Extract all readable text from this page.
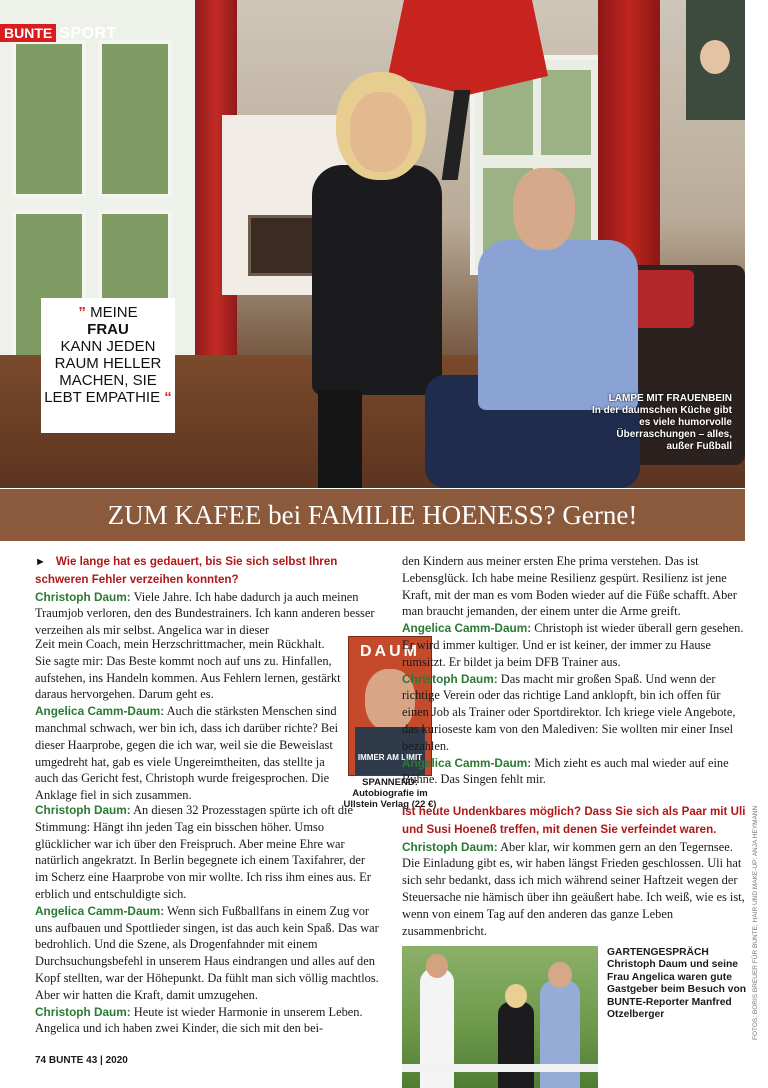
BUNTE SPORT
” MEINE
FRAU
KANN JEDEN RAUM HELLER MACHEN, SIE LEBT EMPATHIE “	LAMPE MIT FRAUENBEIN
In der daumschen Küche gibt es viele humorvolle Überraschungen – alles, außer Fußball
ZUM KAFEE bei FAMILIE HOENESS? Gerne!

► Wie lange hat es gedauert, bis Sie sich selbst Ihren schweren Fehler verzeihen konnten?

Christoph Daum: Viele Jahre. Ich habe dadurch ja auch meinen Traumjob verloren, den des Bundestrainers. Ich kann anderen besser verzeihen als mir selbst. Angelica war in dieser

Zeit mein Coach, mein Herzschrittmacher, mein Rückhalt. Sie sagte mir: Das Beste kommt noch auf uns zu. Hinfallen, aufstehen, ins Handeln kommen. Aus Fehlern lernen, gestärkt daraus hervorgehen. Darum geht es.

Angelica Camm-Daum: Auch die stärksten Menschen sind manchmal schwach, wer bin ich, dass ich darüber richte? Bei dieser Haarprobe, gegen die ich war, weil sie die Beweislast umgedreht hat, gab es viele Ungereimtheiten, das stellte ja auch das Gericht fest, Christoph wurde freigesprochen. Die Anklage fiel in sich zusammen.

Christoph Daum: An diesen 32 Prozesstagen spürte ich oft die Stimmung: Hängt ihn jeden Tag ein bisschen höher. Umso glücklicher war ich über den Freispruch. Aber meine Ehre war natürlich angekratzt. In Berlin begegnete ich einem Taxifahrer, der im Scherz eine Haarprobe von mir wollte. Ich riss ihm eines aus. Er erblich und entschuldigte sich.

Angelica Camm-Daum: Wenn sich Fußballfans in einem Zug vor uns aufbauen und Spottlieder singen, ist das auch kein Spaß. Das war bedrohlich. Und die Szene, als Drogenfahnder mit einem Durchsuchungsbefehl in unserem Haus eindrangen und alles auf den Kopf stellten, war der Höhepunkt. Da fühlt man sich völlig machtlos. Aber wir hatten die Kraft, damit umzugehen.

Christoph Daum: Heute ist wieder Harmonie in unserem Leben. Angelica und ich haben zwei Kinder, die sich mit den bei-

DAUM
IMMER AM LIMIT
SPANNEND:
Autobiografie im Ullstein Verlag (22 €)

den Kindern aus meiner ersten Ehe prima verstehen. Das ist Lebensglück. Ich habe meine Resilienz gespürt. Resilienz ist jene Kraft, mit der man es vom Boden wieder auf die Füße schafft. Aber man braucht jemanden, der einem unter die Arme greift.

Angelica Camm-Daum: Christoph ist wieder überall gern gesehen. Er wird immer kultiger. Und er ist keiner, der immer zu Hause rumsitzt. Er bildet ja beim DFB Trainer aus.

Christoph Daum: Das macht mir großen Spaß. Und wenn der richtige Verein oder das richtige Land anklopft, bin ich offen für einen Job als Trainer oder Sportdirektor. Ich kriege viele Angebote, das kurioseste kam von den Malediven: Sie wollten mir einer Insel bezahlen.

Angelica Camm-Daum: Mich zieht es auch mal wieder auf eine Bühne. Das Singen fehlt mir.

Ist heute Undenkbares möglich? Dass Sie sich als Paar mit Uli und Susi Hoeneß treffen, mit denen Sie verfeindet waren.

Christoph Daum: Aber klar, wir kommen gern an den Tegernsee. Die Einladung gibt es, wir haben längst Frieden geschlossen. Uli hat sich sehr bedankt, dass ich mich während seiner Haftzeit wegen der Steuersache nie hämisch über ihn geäußert habe. Ich weiß, wie es ist, wenn von einem Tag auf den anderen das ganze Leben zusammenbricht.

GARTENGESPRÄCH
Christoph Daum und seine Frau Angelica waren gute Gastgeber beim Besuch von BUNTE-Reporter Manfred Otzelberger
74 BUNTE 43 | 2020
FOTOS: BORIS BREUER FÜR BUNTE; HAIR UND MAKE-UP: ANJA HEYMANN
